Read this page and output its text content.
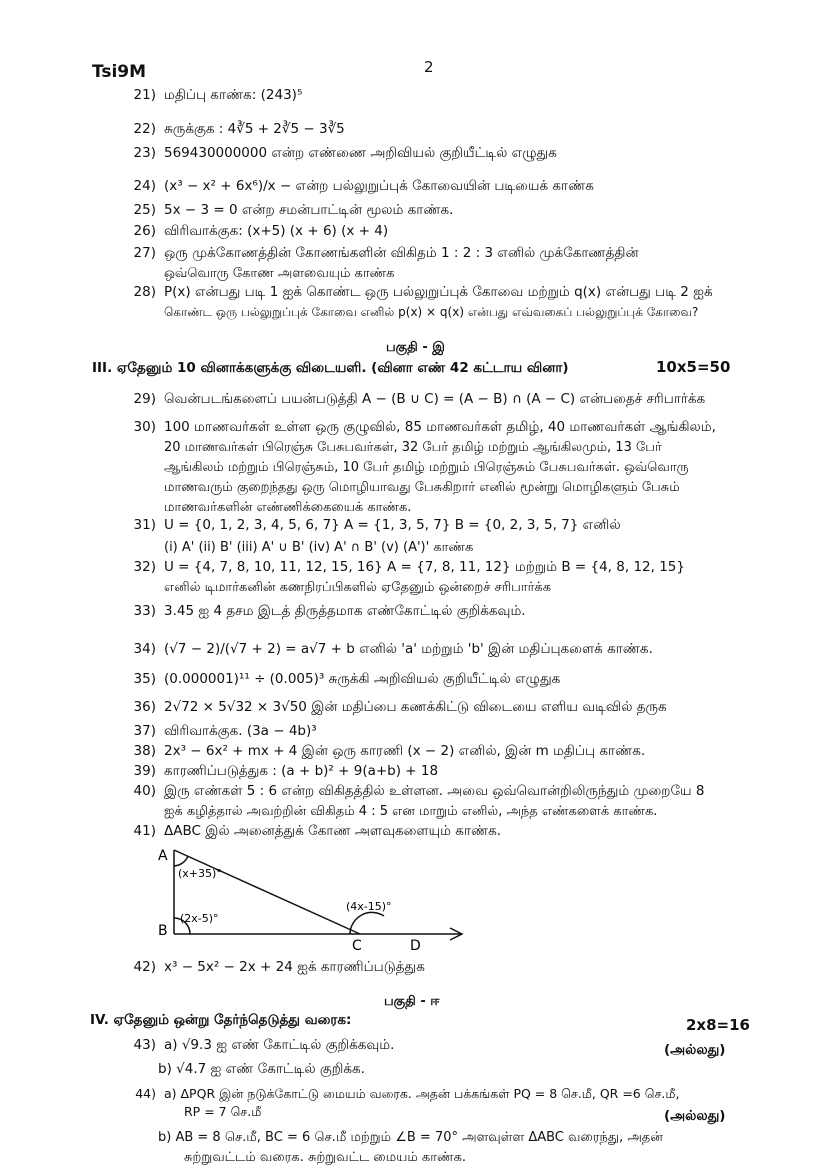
Tsi9M	2
21) மதிப்பு காண்க: (243)⁵
22) சுருக்குக : 4∛5 + 2∛5 − 3∛5
23) 569430000000 என்ற எண்ணை அறிவியல் குறியீட்டில் எழுதுக
24) (x³ − x² + 6x⁶)/x − என்ற பல்லுறுப்புக் கோவையின் படியைக் காண்க
25) 5x − 3 = 0 என்ற சமன்பாட்டின் மூலம் காண்க.
26) விரிவாக்குக: (x+5) (x + 6) (x + 4)
27) ஒரு முக்கோணத்தின் கோணங்களின் விகிதம் 1 : 2 : 3 எனில் முக்கோணத்தின்
ஒவ்வொரு கோண அளவையும் காண்க
28) P(x) என்பது படி 1 ஐக் கொண்ட ஒரு பல்லுறுப்புக் கோவை மற்றும் q(x) என்பது படி 2 ஐக்
கொண்ட ஒரு பல்லுறுப்புக் கோவை எனில் p(x) × q(x) என்பது எவ்வகைப் பல்லுறுப்புக் கோவை?
பகுதி - இ
III. ஏதேனும் 10 வினாக்களுக்கு விடையளி. (வினா எண் 42 கட்டாய வினா)	10x5=50
29) வென்படங்களைப் பயன்படுத்தி A − (B ∪ C) = (A − B) ∩ (A − C) என்பதைச் சரிபார்க்க
30) 100 மாணவர்கள் உள்ள ஒரு குழுவில், 85 மாணவர்கள் தமிழ், 40 மாணவர்கள் ஆங்கிலம்,
20 மாணவர்கள் பிரெஞ்சு பேசுபவர்கள், 32 பேர் தமிழ் மற்றும் ஆங்கிலமும், 13 பேர்
ஆங்கிலம் மற்றும் பிரெஞ்சும், 10 பேர் தமிழ் மற்றும் பிரெஞ்சும் பேசுபவர்கள். ஒவ்வொரு
மாணவரும் குறைந்தது ஒரு மொழியாவது பேசுகிறார் எனில் மூன்று மொழிகளும் பேசும்
மாணவர்களின் எண்ணிக்கையைக் காண்க.
31) U = {0, 1, 2, 3, 4, 5, 6, 7} A = {1, 3, 5, 7} B = {0, 2, 3, 5, 7} எனில்
(i) A' (ii) B' (iii) A' ∪ B' (iv) A' ∩ B' (v) (A')' காண்க
32) U = {4, 7, 8, 10, 11, 12, 15, 16} A = {7, 8, 11, 12} மற்றும் B = {4, 8, 12, 15}
எனில் டிமார்கனின் கணநிரப்பிகளில் ஏதேனும் ஒன்றைச் சரிபார்க்க
33) 3.45 ஐ 4 தசம இடத் திருத்தமாக எண்கோட்டில் குறிக்கவும்.
34) (√7 − 2)/(√7 + 2) = a√7 + b எனில் 'a' மற்றும் 'b' இன் மதிப்புகளைக் காண்க.
35) (0.000001)¹¹ ÷ (0.005)³ சுருக்கி அறிவியல் குறியீட்டில் எழுதுக
36) 2√72 × 5√32 × 3√50 இன் மதிப்பை கணக்கிட்டு விடையை எளிய வடிவில் தருக
37) விரிவாக்குக. (3a − 4b)³
38) 2x³ − 6x² + mx + 4 இன் ஒரு காரணி (x − 2) எனில், இன் m மதிப்பு காண்க.
39) காரணிப்படுத்துக : (a + b)² + 9(a+b) + 18
40) இரு எண்கள் 5 : 6 என்ற விகிதத்தில் உள்ளன. அவை ஒவ்வொன்றிலிருந்தும் முறையே 8
ஐக் கழித்தால் அவற்றின் விகிதம் 4 : 5 என மாறும் எனில், அந்த எண்களைக் காண்க.
41) ΔABC இல் அனைத்துக் கோண அளவுகளையும் காண்க.
A
B
C	D
(x+35)°
(2x-5)°
(4x-15)°
42) x³ − 5x² − 2x + 24 ஐக் காரணிப்படுத்துக
பகுதி - ஈ
IV. ஏதேனும் ஒன்று தேர்ந்தெடுத்து வரைக:	2x8=16
43) a) √9.3 ஐ எண் கோட்டில் குறிக்கவும்.	(அல்லது)
b) √4.7 ஐ எண் கோட்டில் குறிக்க.
44) a) ΔPQR இன் நடுக்கோட்டு மையம் வரைக. அதன் பக்கங்கள் PQ = 8 செ.மீ, QR =6 செ.மீ,
RP = 7 செ.மீ	(அல்லது)
b) AB = 8 செ.மீ, BC = 6 செ.மீ மற்றும் ∠B = 70° அளவுள்ள ΔABC வரைந்து, அதன்
சுற்றுவட்டம் வரைக. சுற்றுவட்ட மையம் காண்க.
